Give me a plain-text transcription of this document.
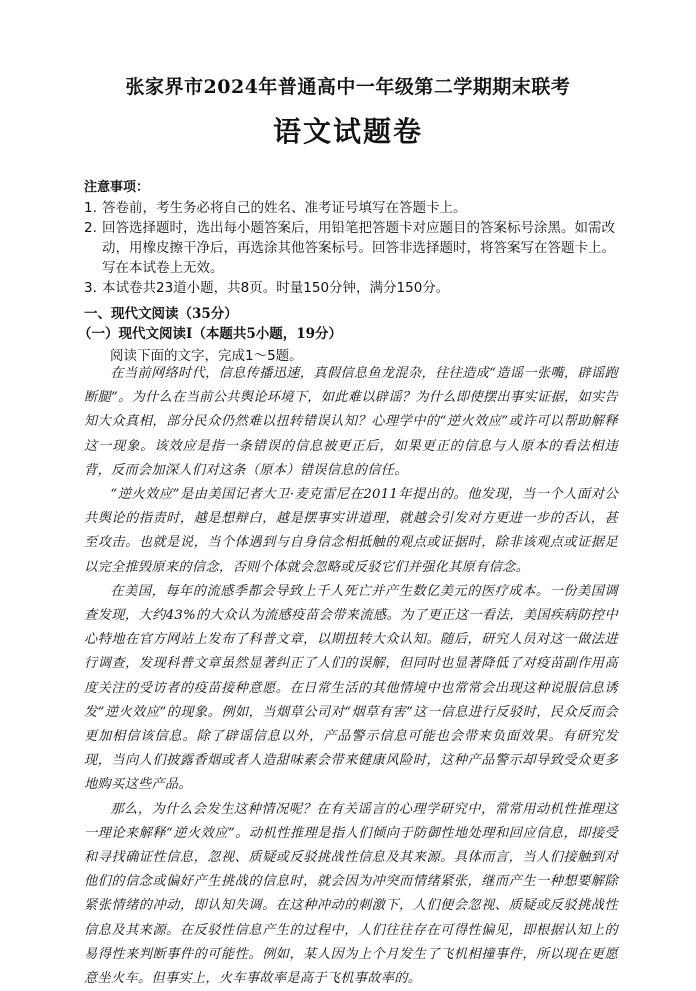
张家界市2024年普通高中一年级第二学期期末联考
语文试题卷
注意事项：
1. 答卷前，考生务必将自己的姓名、准考证号填写在答题卡上。
2. 回答选择题时，选出每小题答案后，用铅笔把答题卡对应题目的答案标号涂黑。如需改动，用橡皮擦干净后，再选涂其他答案标号。回答非选择题时，将答案写在答题卡上。写在本试卷上无效。
3. 本试卷共23道小题，共8页。时量150分钟，满分150分。
一、现代文阅读（35分）
（一）现代文阅读Ⅰ（本题共5小题，19分）
阅读下面的文字，完成1～5题。

在当前网络时代，信息传播迅速，真假信息鱼龙混杂，往往造成“造谣一张嘴，辟谣跑断腿”。为什么在当前公共舆论环境下，如此难以辟谣？为什么即使摆出事实证据，如实告知大众真相，部分民众仍然难以扭转错误认知？心理学中的“逆火效应”或许可以帮助解释这一现象。该效应是指一条错误的信息被更正后，如果更正的信息与人原本的看法相违背，反而会加深人们对这条（原本）错误信息的信任。

“逆火效应”是由美国记者大卫·麦克雷尼在2011年提出的。他发现，当一个人面对公共舆论的指责时，越是想辩白，越是摆事实讲道理，就越会引发对方更进一步的否认，甚至攻击。也就是说，当个体遇到与自身信念相抵触的观点或证据时，除非该观点或证据足以完全推毁原来的信念，否则个体就会忽略或反驳它们并强化其原有信念。

在美国，每年的流感季都会导致上千人死亡并产生数亿美元的医疗成本。一份美国调查发现，大约43%的大众认为流感疫苗会带来流感。为了更正这一看法，美国疾病防控中心特地在官方网站上发布了科普文章，以期扭转大众认知。随后，研究人员对这一做法进行调查，发现科普文章虽然显著纠正了人们的误解，但同时也显著降低了对疫苗副作用高度关注的受访者的疫苗接种意愿。在日常生活的其他情境中也常常会出现这种说服信息诱发“逆火效应”的现象。例如，当烟草公司对“烟草有害”这一信息进行反驳时，民众反而会更加相信该信息。除了辟谣信息以外，产品警示信息可能也会带来负面效果。有研究发现，当向人们披露香烟或者人造甜味素会带来健康风险时，这种产品警示却导致受众更多地购买这些产品。

那么，为什么会发生这种情况呢？在有关谣言的心理学研究中，常常用动机性推理这一理论来解释“逆火效应”。动机性推理是指人们倾向于防御性地处理和回应信息，即接受和寻找确证性信息，忽视、质疑或反驳挑战性信息及其来源。具体而言，当人们接触到对他们的信念或偏好产生挑战的信息时，就会因为冲突而情绪紧张，继而产生一种想要解除紧张情绪的冲动，即认知失调。在这种冲动的刺激下，人们便会忽视、质疑或反驳挑战性信息及其来源。在反驳性信息产生的过程中，人们往往存在可得性偏见，即根据认知上的易得性来判断事件的可能性。例如，某人因为上个月发生了飞机相撞事件，所以现在更愿意坐火车。但事实上，火车事故率是高于飞机事故率的。
